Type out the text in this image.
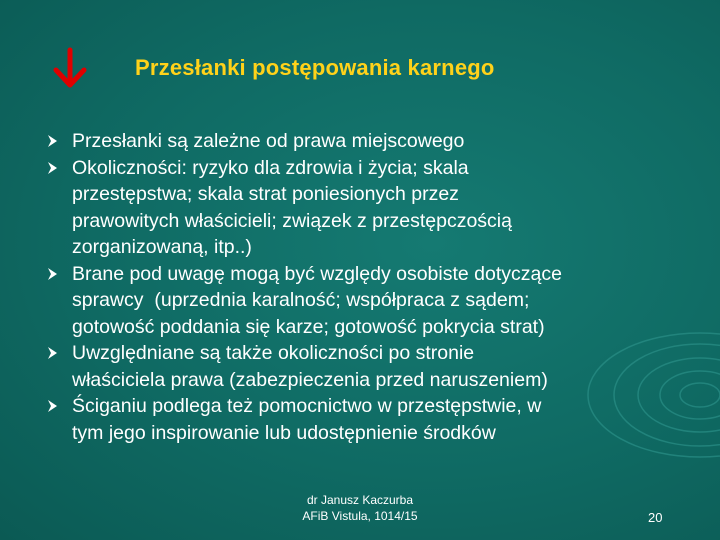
Przesłanki postępowania karnego
Przesłanki są zależne od prawa miejscowego
Okoliczności: ryzyko dla zdrowia i życia; skala
przestępstwa; skala strat poniesionych przez
prawowitych właścicieli; związek z przestępczością
zorganizowaną, itp..)
Brane pod uwagę mogą być względy osobiste dotyczące
sprawcy  (uprzednia karalność; współpraca z sądem;
gotowość poddania się karze; gotowość pokrycia strat)
Uwzględniane są także okoliczności po stronie
właściciela prawa (zabezpieczenia przed naruszeniem)
Ściganiu podlega też pomocnictwo w przestępstwie, w
tym jego inspirowanie lub udostępnienie środków
dr Janusz Kaczurba
AFiB Vistula, 1014/15	20
